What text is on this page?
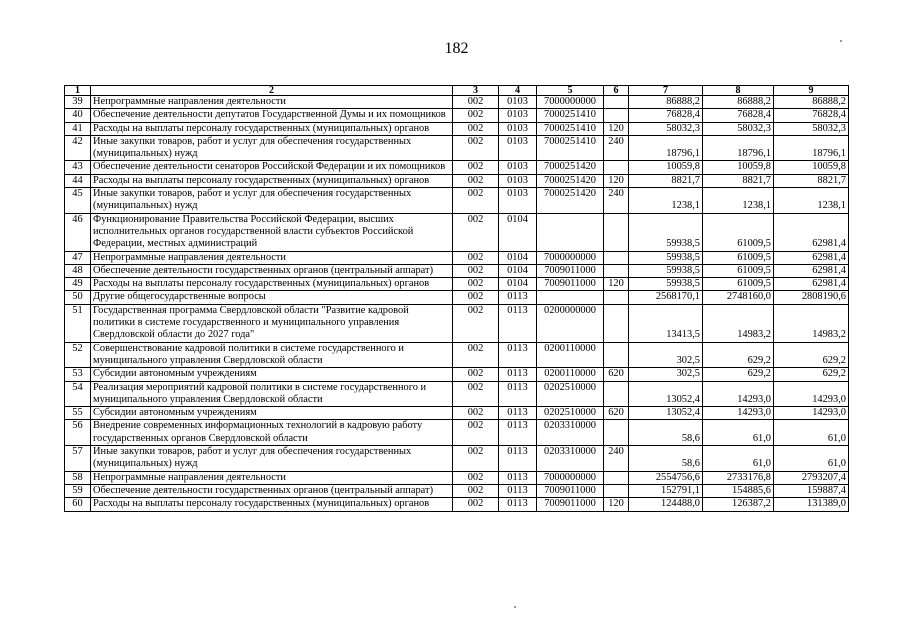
182
1	2	3	4	5	6	7	8	9
39	Непрограммные направления деятельности	002	0103	7000000000		86888,2	86888,2	86888,2
40	Обеспечение деятельности депутатов Государственной Думы и их помощников	002	0103	7000251410		76828,4	76828,4	76828,4
41	Расходы на выплаты персоналу государственных (муниципальных) органов	002	0103	7000251410	120	58032,3	58032,3	58032,3
42	Иные закупки товаров, работ и услуг для обеспечения государственных (муниципальных) нужд	002	0103	7000251410	240	18796,1	18796,1	18796,1
43	Обеспечение деятельности сенаторов Российской Федерации и их помощников	002	0103	7000251420		10059,8	10059,8	10059,8
44	Расходы на выплаты персоналу государственных (муниципальных) органов	002	0103	7000251420	120	8821,7	8821,7	8821,7
45	Иные закупки товаров, работ и услуг для обеспечения государственных (муниципальных) нужд	002	0103	7000251420	240	1238,1	1238,1	1238,1
46	Функционирование Правительства Российской Федерации, высших исполнительных органов государственной власти субъектов Российской Федерации, местных администраций	002	0104			59938,5	61009,5	62981,4
47	Непрограммные направления деятельности	002	0104	7000000000		59938,5	61009,5	62981,4
48	Обеспечение деятельности государственных органов (центральный аппарат)	002	0104	7009011000		59938,5	61009,5	62981,4
49	Расходы на выплаты персоналу государственных (муниципальных) органов	002	0104	7009011000	120	59938,5	61009,5	62981,4
50	Другие общегосударственные вопросы	002	0113			2568170,1	2748160,0	2808190,6
51	Государственная программа Свердловской области "Развитие кадровой политики в системе государственного и муниципального управления Свердловской области до 2027 года"	002	0113	0200000000		13413,5	14983,2	14983,2
52	Совершенствование кадровой политики в системе государственного и муниципального управления Свердловской области	002	0113	0200110000		302,5	629,2	629,2
53	Субсидии автономным учреждениям	002	0113	0200110000	620	302,5	629,2	629,2
54	Реализация мероприятий кадровой политики в системе государственного и муниципального управления Свердловской области	002	0113	0202510000		13052,4	14293,0	14293,0
55	Субсидии автономным учреждениям	002	0113	0202510000	620	13052,4	14293,0	14293,0
56	Внедрение современных информационных технологий в кадровую работу государственных органов Свердловской области	002	0113	0203310000		58,6	61,0	61,0
57	Иные закупки товаров, работ и услуг для обеспечения государственных (муниципальных) нужд	002	0113	0203310000	240	58,6	61,0	61,0
58	Непрограммные направления деятельности	002	0113	7000000000		2554756,6	2733176,8	2793207,4
59	Обеспечение деятельности государственных органов (центральный аппарат)	002	0113	7009011000		152791,1	154885,6	159887,4
60	Расходы на выплаты персоналу государственных (муниципальных) органов	002	0113	7009011000	120	124488,0	126387,2	131389,0
